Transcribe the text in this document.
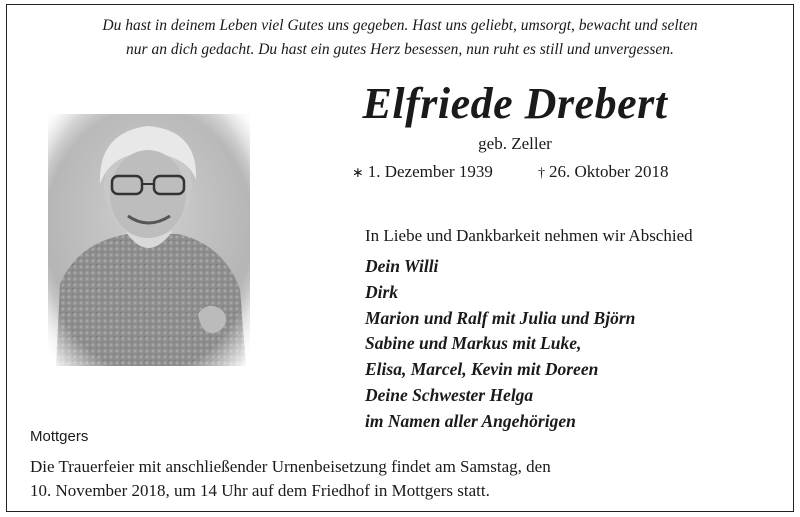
Du hast in deinem Leben viel Gutes uns gegeben. Hast uns geliebt, umsorgt, bewacht und selten
nur an dich gedacht. Du hast ein gutes Herz besessen, nun ruht es still und unvergessen.
Elfriede Drebert
geb. Zeller
∗ 1. Dezember 1939	† 26. Oktober 2018
In Liebe und Dankbarkeit nehmen wir Abschied
Dein Willi
Dirk
Marion und Ralf mit Julia und Björn
Sabine und Markus mit Luke,
Elisa, Marcel, Kevin mit Doreen
Deine Schwester Helga
im Namen aller Angehörigen
Mottgers
Die Trauerfeier mit anschließender Urnenbeisetzung findet am Samstag, den
10. November 2018, um 14 Uhr auf dem Friedhof in Mottgers statt.
